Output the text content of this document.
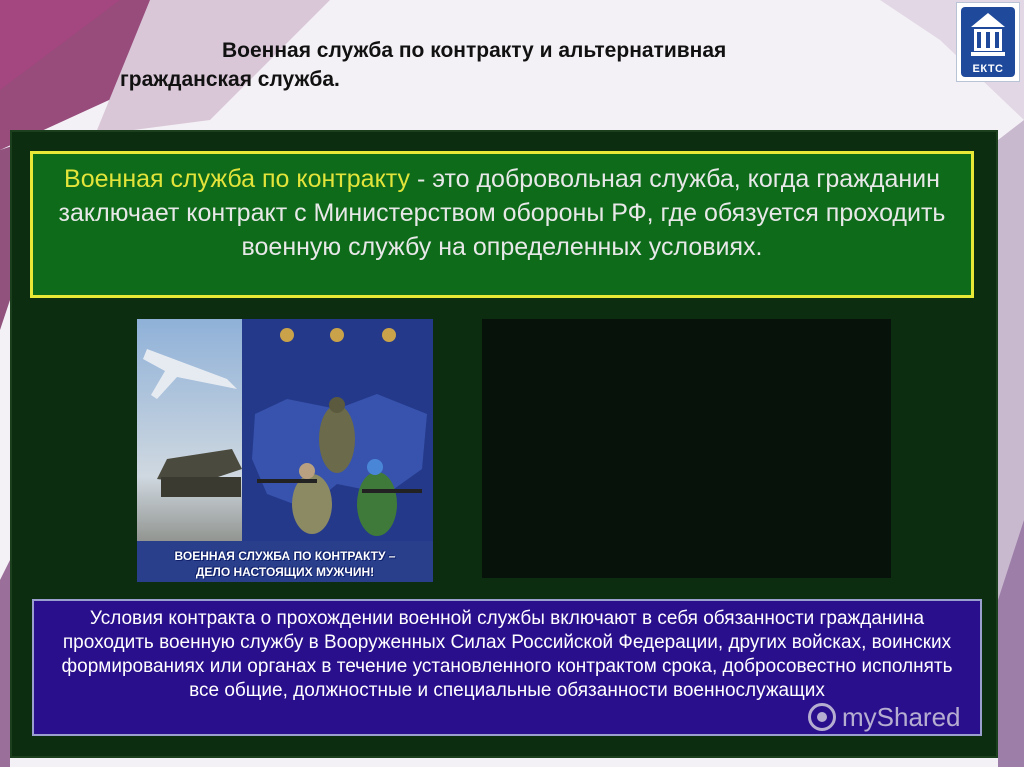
Военная служба по контракту и альтернативная
гражданская служба.	ЕКТС
Военная служба по контракту - это добровольная служба, когда гражданин заключает контракт с Министерством обороны РФ, где обязуется проходить военную службу на определенных условиях.
ВОЕННАЯ СЛУЖБА ПО КОНТРАКТУ –
ДЕЛО НАСТОЯЩИХ МУЖЧИН!
Условия контракта о прохождении военной службы включают в себя обязанности гражданина проходить военную службу в Вооруженных Силах Российской Федерации, других войсках, воинских формированиях или органах в течение установленного контрактом срока, добросовестно исполнять все общие, должностные и специальные обязанности военнослужащих
myShared
